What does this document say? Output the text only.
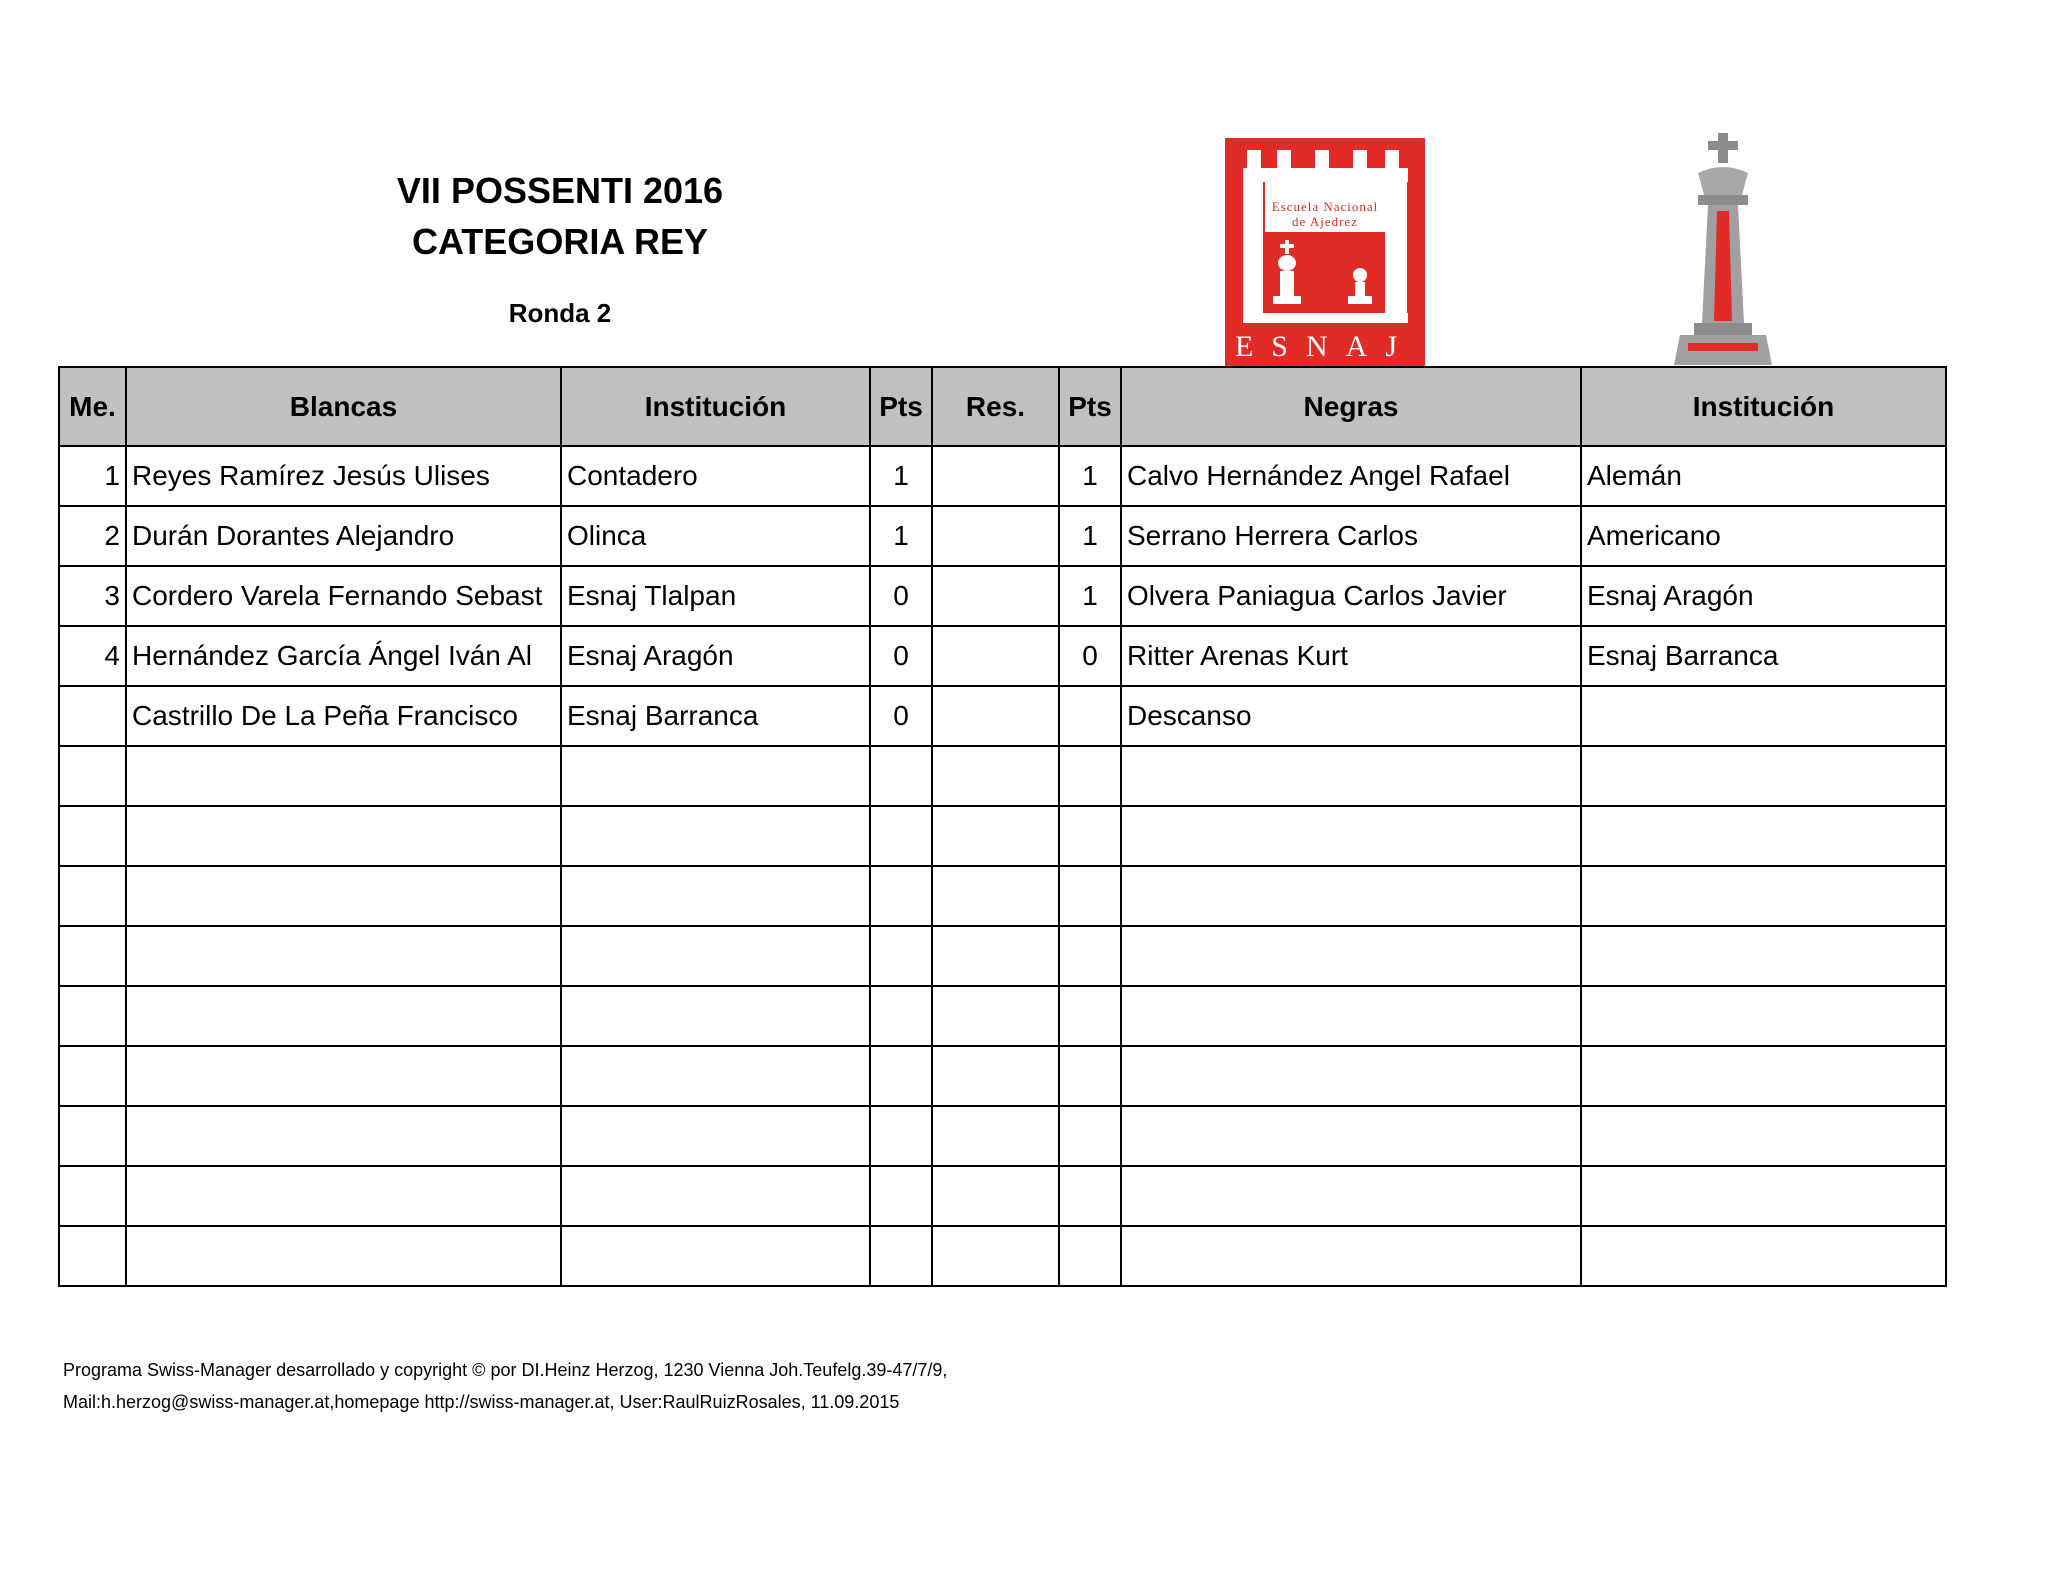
VII POSSENTI 2016
CATEGORIA REY
Ronda 2
Escuela Nacional
de Ajedrez
ESNAJ
Me.	Blancas	Institución	Pts	Res.	Pts	Negras	Institución
1	Reyes Ramírez Jesús Ulises	Contadero	1		1	Calvo Hernández Angel Rafael	Alemán
2	Durán Dorantes Alejandro	Olinca	1		1	Serrano Herrera Carlos	Americano
3	Cordero Varela Fernando Sebast	Esnaj Tlalpan	0		1	Olvera Paniagua Carlos Javier	Esnaj Aragón
4	Hernández García Ángel Iván Al	Esnaj Aragón	0		0	Ritter Arenas Kurt	Esnaj Barranca
	Castrillo De La Peña Francisco	Esnaj Barranca	0			Descanso	

Programa Swiss-Manager desarrollado y copyright © por DI.Heinz Herzog, 1230 Vienna Joh.Teufelg.39-47/7/9,
Mail:h.herzog@swiss-manager.at,homepage http://swiss-manager.at, User:RaulRuizRosales, 11.09.2015
